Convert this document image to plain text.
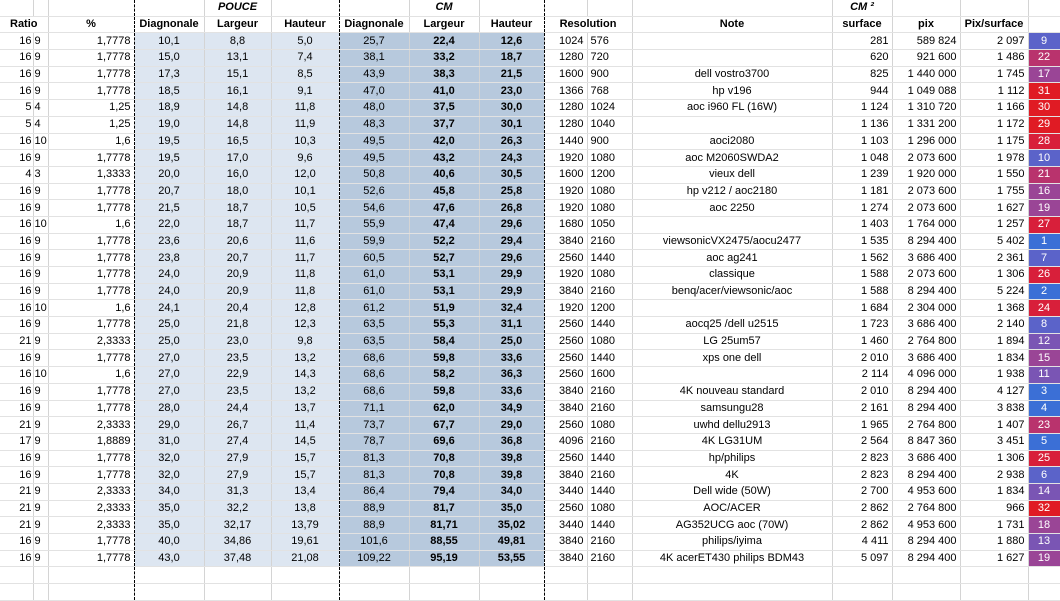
				POUCE			CM					CM ²			
Ratio		%	Diagnonale	Largeur	Hauteur	Diagnonale	Largeur	Hauteur	Resolution		Note	surface	pix	Pix/surface	
16	9	1,7778	10,1	8,8	5,0	25,7	22,4	12,6	1024	576		281	589 824	2 097	9
16	9	1,7778	15,0	13,1	7,4	38,1	33,2	18,7	1280	720		620	921 600	1 486	22
16	9	1,7778	17,3	15,1	8,5	43,9	38,3	21,5	1600	900	dell vostro3700	825	1 440 000	1 745	17
16	9	1,7778	18,5	16,1	9,1	47,0	41,0	23,0	1366	768	hp v196	944	1 049 088	1 112	31
5	4	1,25	18,9	14,8	11,8	48,0	37,5	30,0	1280	1024	aoc i960 FL (16W)	1 124	1 310 720	1 166	30
5	4	1,25	19,0	14,8	11,9	48,3	37,7	30,1	1280	1040		1 136	1 331 200	1 172	29
16	10	1,6	19,5	16,5	10,3	49,5	42,0	26,3	1440	900	aoci2080	1 103	1 296 000	1 175	28
16	9	1,7778	19,5	17,0	9,6	49,5	43,2	24,3	1920	1080	aoc M2060SWDA2	1 048	2 073 600	1 978	10
4	3	1,3333	20,0	16,0	12,0	50,8	40,6	30,5	1600	1200	vieux dell	1 239	1 920 000	1 550	21
16	9	1,7778	20,7	18,0	10,1	52,6	45,8	25,8	1920	1080	hp v212 / aoc2180	1 181	2 073 600	1 755	16
16	9	1,7778	21,5	18,7	10,5	54,6	47,6	26,8	1920	1080	aoc 2250	1 274	2 073 600	1 627	19
16	10	1,6	22,0	18,7	11,7	55,9	47,4	29,6	1680	1050		1 403	1 764 000	1 257	27
16	9	1,7778	23,6	20,6	11,6	59,9	52,2	29,4	3840	2160	viewsonicVX2475/aocu2477	1 535	8 294 400	5 402	1
16	9	1,7778	23,8	20,7	11,7	60,5	52,7	29,6	2560	1440	aoc ag241	1 562	3 686 400	2 361	7
16	9	1,7778	24,0	20,9	11,8	61,0	53,1	29,9	1920	1080	classique	1 588	2 073 600	1 306	26
16	9	1,7778	24,0	20,9	11,8	61,0	53,1	29,9	3840	2160	benq/acer/viewsonic/aoc	1 588	8 294 400	5 224	2
16	10	1,6	24,1	20,4	12,8	61,2	51,9	32,4	1920	1200		1 684	2 304 000	1 368	24
16	9	1,7778	25,0	21,8	12,3	63,5	55,3	31,1	2560	1440	aocq25 /dell u2515	1 723	3 686 400	2 140	8
21	9	2,3333	25,0	23,0	9,8	63,5	58,4	25,0	2560	1080	LG 25um57	1 460	2 764 800	1 894	12
16	9	1,7778	27,0	23,5	13,2	68,6	59,8	33,6	2560	1440	xps one dell	2 010	3 686 400	1 834	15
16	10	1,6	27,0	22,9	14,3	68,6	58,2	36,3	2560	1600		2 114	4 096 000	1 938	11
16	9	1,7778	27,0	23,5	13,2	68,6	59,8	33,6	3840	2160	4K nouveau standard	2 010	8 294 400	4 127	3
16	9	1,7778	28,0	24,4	13,7	71,1	62,0	34,9	3840	2160	samsungu28	2 161	8 294 400	3 838	4
21	9	2,3333	29,0	26,7	11,4	73,7	67,7	29,0	2560	1080	uwhd dellu2913	1 965	2 764 800	1 407	23
17	9	1,8889	31,0	27,4	14,5	78,7	69,6	36,8	4096	2160	4K LG31UM	2 564	8 847 360	3 451	5
16	9	1,7778	32,0	27,9	15,7	81,3	70,8	39,8	2560	1440	hp/philips	2 823	3 686 400	1 306	25
16	9	1,7778	32,0	27,9	15,7	81,3	70,8	39,8	3840	2160	4K	2 823	8 294 400	2 938	6
21	9	2,3333	34,0	31,3	13,4	86,4	79,4	34,0	3440	1440	Dell wide (50W)	2 700	4 953 600	1 834	14
21	9	2,3333	35,0	32,2	13,8	88,9	81,7	35,0	2560	1080	AOC/ACER	2 862	2 764 800	966	32
21	9	2,3333	35,0	32,17	13,79	88,9	81,71	35,02	3440	1440	AG352UCG aoc (70W)	2 862	4 953 600	1 731	18
16	9	1,7778	40,0	34,86	19,61	101,6	88,55	49,81	3840	2160	philips/iyima	4 411	8 294 400	1 880	13
16	9	1,7778	43,0	37,48	21,08	109,22	95,19	53,55	3840	2160	4K acerET430 philips BDM43	5 097	8 294 400	1 627	19
